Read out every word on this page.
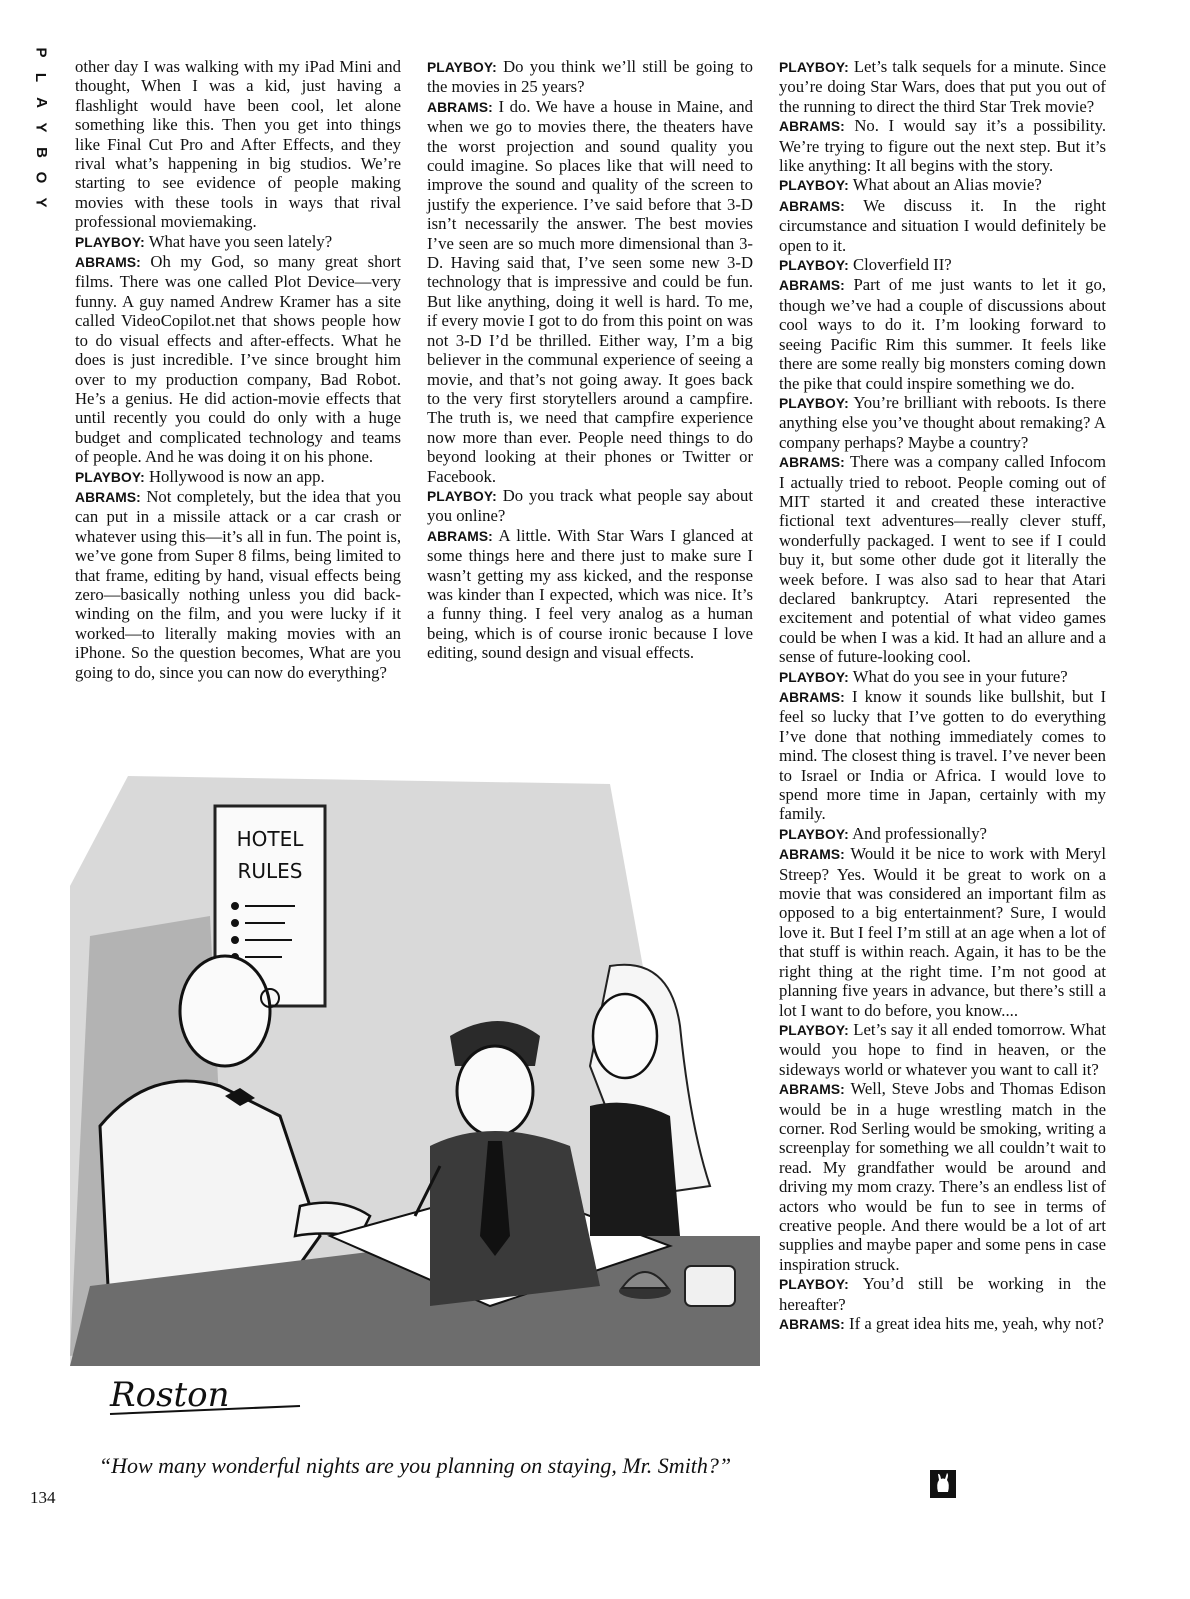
P
L
A
Y
B
O
Y

other day I was walking with my iPad Mini and thought, When I was a kid, just having a flashlight would have been cool, let alone something like this. Then you get into things like Final Cut Pro and After Effects, and they rival what’s happening in big studios. We’re starting to see evidence of people making movies with these tools in ways that rival professional moviemaking.

PLAYBOY: What have you seen lately?

ABRAMS: Oh my God, so many great short films. There was one called Plot Device—very funny. A guy named Andrew Kramer has a site called VideoCopilot.net that shows people how to do visual effects and after-effects. What he does is just incredible. I’ve since brought him over to my production company, Bad Robot. He’s a genius. He did action-movie effects that until recently you could do only with a huge budget and complicated technology and teams of people. And he was doing it on his phone.

PLAYBOY: Hollywood is now an app.

ABRAMS: Not completely, but the idea that you can put in a missile attack or a car crash or whatever using this—it’s all in fun. The point is, we’ve gone from Super 8 films, being limited to that frame, editing by hand, visual effects being zero—basically nothing unless you did back-winding on the film, and you were lucky if it worked—to literally making movies with an iPhone. So the question becomes, What are you going to do, since you can now do everything?

PLAYBOY: Do you think we’ll still be going to the movies in 25 years?

ABRAMS: I do. We have a house in Maine, and when we go to movies there, the theaters have the worst projection and sound quality you could imagine. So places like that will need to improve the sound and quality of the screen to justify the experience. I’ve said before that 3-D isn’t necessarily the answer. The best movies I’ve seen are so much more dimensional than 3-D. Having said that, I’ve seen some new 3-D technology that is impressive and could be fun. But like anything, doing it well is hard. To me, if every movie I got to do from this point on was not 3-D I’d be thrilled. Either way, I’m a big believer in the communal experience of seeing a movie, and that’s not going away. It goes back to the very first storytellers around a campfire. The truth is, we need that campfire experience now more than ever. People need things to do beyond looking at their phones or Twitter or Facebook.

PLAYBOY: Do you track what people say about you online?

ABRAMS: A little. With Star Wars I glanced at some things here and there just to make sure I wasn’t getting my ass kicked, and the response was kinder than I expected, which was nice. It’s a funny thing. I feel very analog as a human being, which is of course ironic because I love editing, sound design and visual effects.

PLAYBOY: Let’s talk sequels for a minute. Since you’re doing Star Wars, does that put you out of the running to direct the third Star Trek movie?

ABRAMS: No. I would say it’s a possibility. We’re trying to figure out the next step. But it’s like anything: It all begins with the story.

PLAYBOY: What about an Alias movie?

ABRAMS: We discuss it. In the right circumstance and situation I would definitely be open to it.

PLAYBOY: Cloverfield II?

ABRAMS: Part of me just wants to let it go, though we’ve had a couple of discussions about cool ways to do it. I’m looking forward to seeing Pacific Rim this summer. It feels like there are some really big monsters coming down the pike that could inspire something we do.

PLAYBOY: You’re brilliant with reboots. Is there anything else you’ve thought about remaking? A company perhaps? Maybe a country?

ABRAMS: There was a company called Infocom I actually tried to reboot. People coming out of MIT started it and created these interactive fictional text adventures—really clever stuff, wonderfully packaged. I went to see if I could buy it, but some other dude got it literally the week before. I was also sad to hear that Atari declared bankruptcy. Atari represented the excitement and potential of what video games could be when I was a kid. It had an allure and a sense of future-looking cool.

PLAYBOY: What do you see in your future?

ABRAMS: I know it sounds like bullshit, but I feel so lucky that I’ve gotten to do everything I’ve done that nothing immediately comes to mind. The closest thing is travel. I’ve never been to Israel or India or Africa. I would love to spend more time in Japan, certainly with my family.

PLAYBOY: And professionally?

ABRAMS: Would it be nice to work with Meryl Streep? Yes. Would it be great to work on a movie that was considered an important film as opposed to a big entertainment? Sure, I would love it. But I feel I’m still at an age when a lot of that stuff is within reach. Again, it has to be the right thing at the right time. I’m not good at planning five years in advance, but there’s still a lot I want to do before, you know....

PLAYBOY: Let’s say it all ended tomorrow. What would you hope to find in heaven, or the sideways world or whatever you want to call it?

ABRAMS: Well, Steve Jobs and Thomas Edison would be in a huge wrestling match in the corner. Rod Serling would be smoking, writing a screenplay for something we all couldn’t wait to read. My grandfather would be around and driving my mom crazy. There’s an endless list of actors who would be fun to see in terms of creative people. And there would be a lot of art supplies and maybe paper and some pens in case inspiration struck.

PLAYBOY: You’d still be working in the hereafter?

ABRAMS: If a great idea hits me, yeah, why not?

HOTEL
RULES
Roston
“How many wonderful nights are you planning on staying, Mr. Smith?”
134
